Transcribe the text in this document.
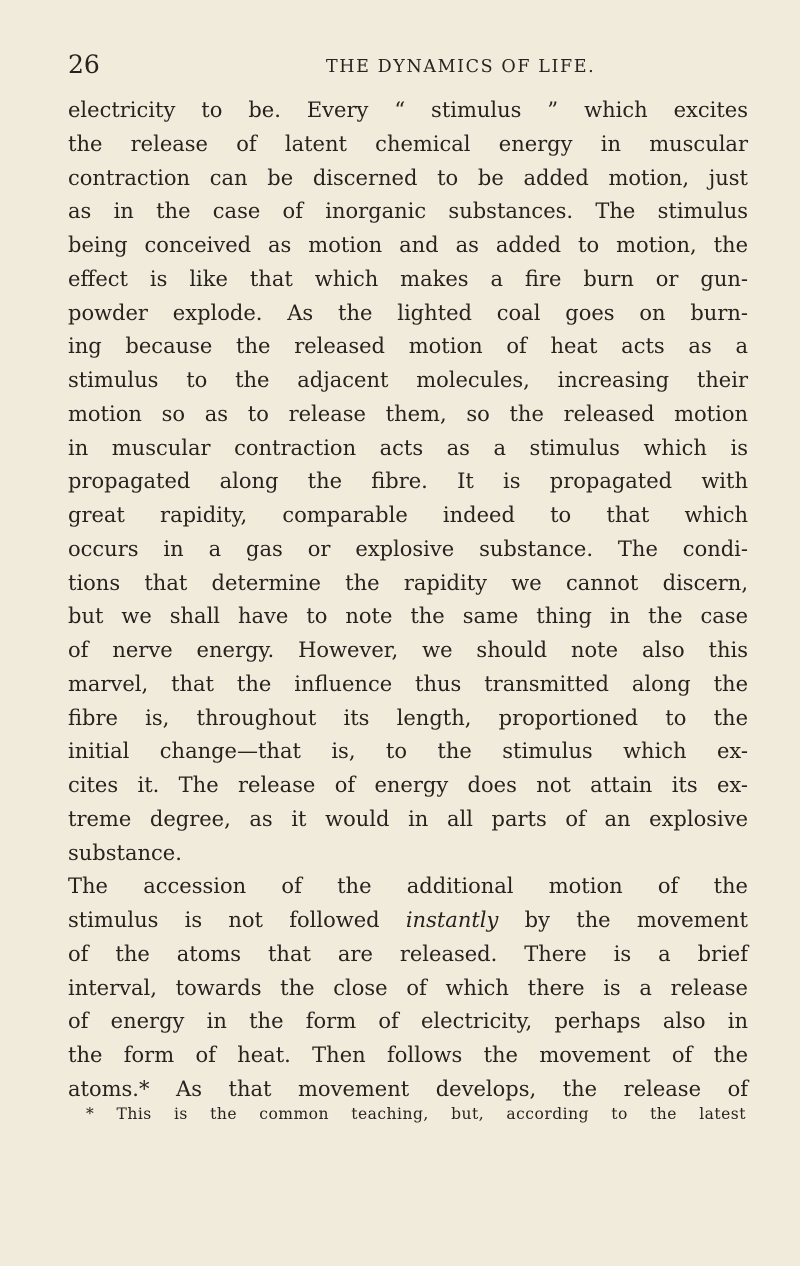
26	THE DYNAMICS OF LIFE.
electricity to be. Every “ stimulus ” which excites
the release of latent chemical energy in muscular
contraction can be discerned to be added motion, just
as in the case of inorganic substances. The stimulus
being conceived as motion and as added to motion, the
effect is like that which makes a fire burn or gun-
powder explode. As the lighted coal goes on burn-
ing because the released motion of heat acts as a
stimulus to the adjacent molecules, increasing their
motion so as to release them, so the released motion
in muscular contraction acts as a stimulus which is
propagated along the fibre. It is propagated with
great rapidity, comparable indeed to that which
occurs in a gas or explosive substance. The condi-
tions that determine the rapidity we cannot discern,
but we shall have to note the same thing in the case
of nerve energy. However, we should note also this
marvel, that the influence thus transmitted along the
fibre is, throughout its length, proportioned to the
initial change—that is, to the stimulus which ex-
cites it. The release of energy does not attain its ex-
treme degree, as it would in all parts of an explosive
substance.
The accession of the additional motion of the
stimulus is not followed instantly by the movement
of the atoms that are released. There is a brief
interval, towards the close of which there is a release
of energy in the form of electricity, perhaps also in
the form of heat. Then follows the movement of the
atoms.* As that movement develops, the release of
* This is the common teaching, but, according to the latest
